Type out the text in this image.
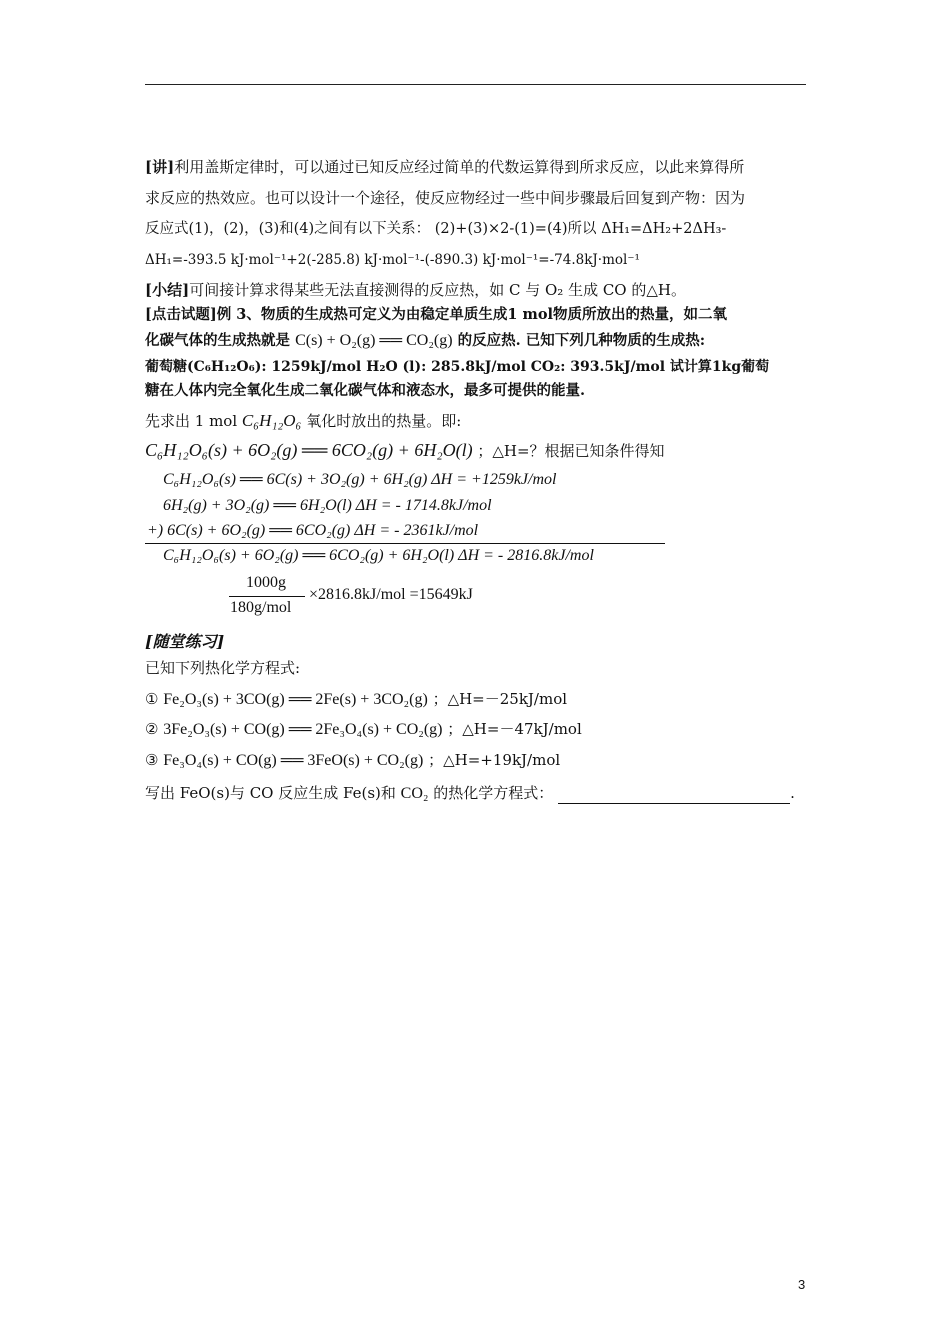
[讲]利用盖斯定律时，可以通过已知反应经过简单的代数运算得到所求反应，以此来算得所
求反应的热效应。也可以设计一个途径，使反应物经过一些中间步骤最后回复到产物：因为
反应式(1)，(2)，(3)和(4)之间有以下关系： (2)+(3)×2-(1)=(4)所以 ΔH₁=ΔH₂+2ΔH₃-
ΔH₁=-393.5 kJ·mol⁻¹+2(-285.8) kJ·mol⁻¹-(-890.3) kJ·mol⁻¹=-74.8kJ·mol⁻¹
[小结]可间接计算求得某些无法直接测得的反应热，如 C 与 O₂ 生成 CO 的△H。
[点击试题]例 3、物质的生成热可定义为由稳定单质生成1 mol物质所放出的热量，如二氧
化碳气体的生成热就是 C(s) + O₂(g) ══ CO₂(g) 的反应热. 已知下列几种物质的生成热:
葡萄糖(C₆H₁₂O₆): 1259kJ/mol H₂O (l): 285.8kJ/mol CO₂: 393.5kJ/mol 试计算1kg葡萄
糖在人体内完全氧化生成二氧化碳气体和液态水，最多可提供的能量.
先求出 1 mol C₆H₁₂O₆ 氧化时放出的热量。即:
C₆H₁₂O₆(s) + 6O₂(g) ══ 6CO₂(g) + 6H₂O(l) ；△H=？根据已知条件得知
C₆H₁₂O₆(s) ══ 6C(s) + 3O₂(g) + 6H₂(g) ΔH = +1259kJ/mol
6H₂(g) + 3O₂(g) ══ 6H₂O(l) ΔH = - 1714.8kJ/mol
+) 6C(s) + 6O₂(g) ══ 6CO₂(g) ΔH = - 2361kJ/mol
C₆H₁₂O₆(s) + 6O₂(g) ══ 6CO₂(g) + 6H₂O(l) ΔH = - 2816.8kJ/mol
1000g
180g/mol
×2816.8kJ/mol =15649kJ
[随堂练习]
已知下列热化学方程式:
① Fe₂O₃(s) + 3CO(g) ══ 2Fe(s) + 3CO₂(g) ；△H=－25kJ/mol
② 3Fe₂O₃(s) + CO(g) ══ 2Fe₃O₄(s) + CO₂(g) ；△H=－47kJ/mol
③ Fe₃O₄(s) + CO(g) ══ 3FeO(s) + CO₂(g) ；△H=+19kJ/mol
写出 FeO(s)与 CO 反应生成 Fe(s)和 CO₂ 的热化学方程式：	.
3
